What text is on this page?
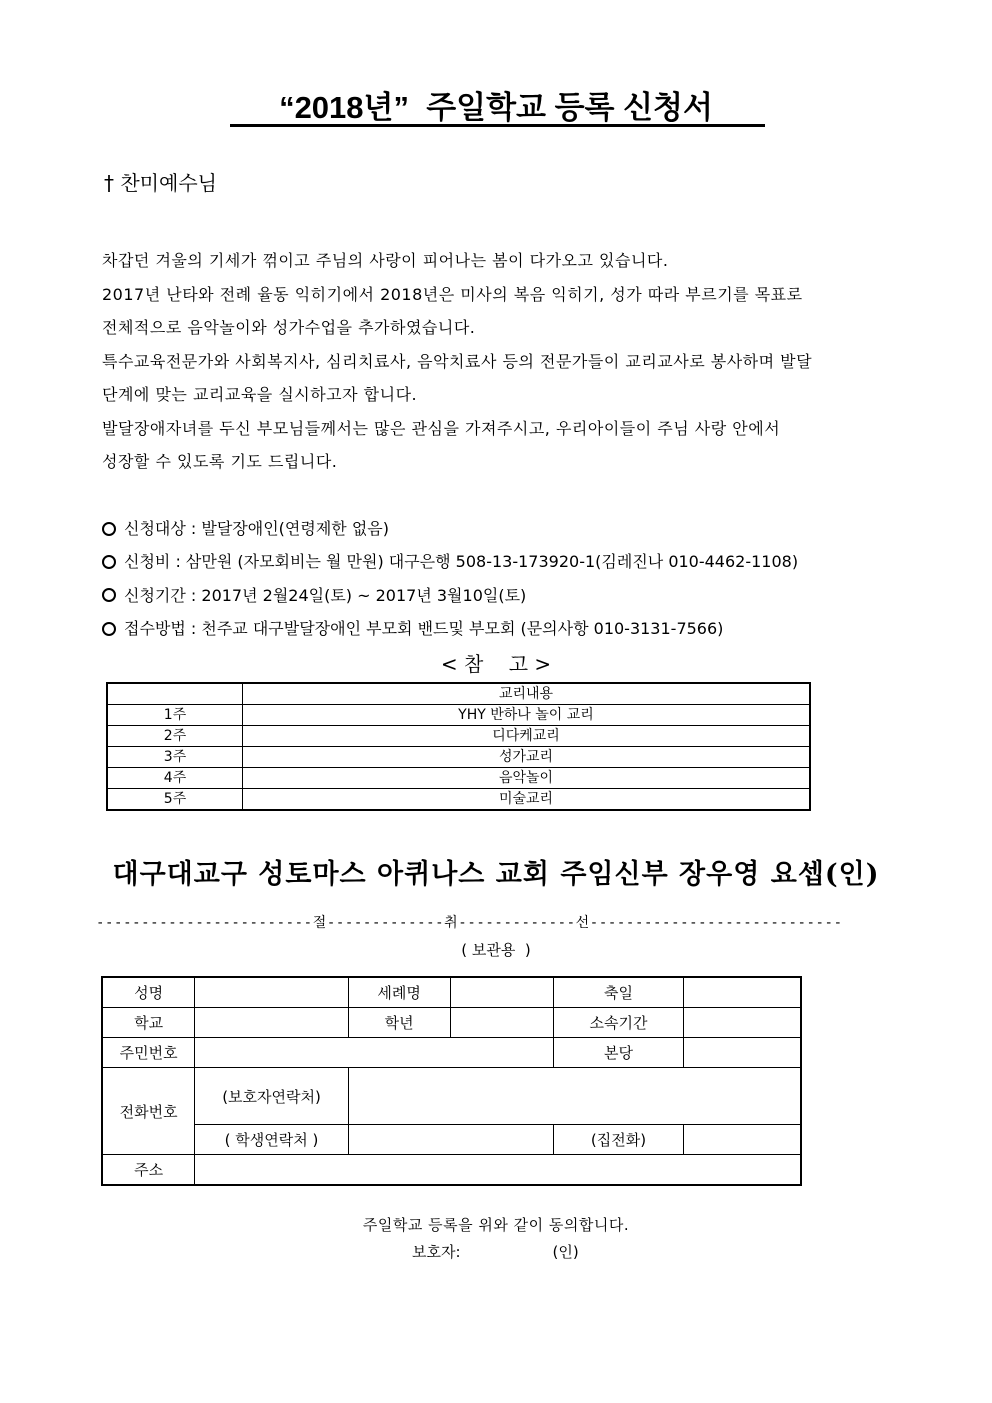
“2018년”  주일학교 등록 신청서
† 찬미예수님
차갑던 겨울의 기세가 꺾이고 주님의 사랑이 피어나는 봄이 다가오고 있습니다.
2017년 난타와 전례 율동 익히기에서 2018년은 미사의 복음 익히기, 성가 따라 부르기를 목표로
전체적으로 음악놀이와 성가수업을 추가하였습니다.
특수교육전문가와 사회복지사, 심리치료사, 음악치료사 등의 전문가들이 교리교사로 봉사하며 발달
단계에 맞는 교리교육을 실시하고자 합니다.
발달장애자녀를 두신 부모님들께서는 많은 관심을 가져주시고, 우리아이들이 주님 사랑 안에서
성장할 수 있도록 기도 드립니다.
신청대상 : 발달장애인(연령제한 없음)
신청비 : 삼만원 (자모회비는 월 만원) 대구은행 508-13-173920-1(김레진나 010-4462-1108)
신청기간 : 2017년 2월24일(토) ~ 2017년 3월10일(토)
접수방법 : 천주교 대구발달장애인 부모회 밴드및 부모회 (문의사항 010-3131-7566)
< 참    고 >
	교리내용
1주	YHY 반하나 놀이 교리
2주	디다케교리
3주	성가교리
4주	음악놀이
5주	미술교리
대구대교구 성토마스 아퀴나스 교회 주임신부 장우영 요셉(인)
------------------------절-------------취-------------선----------------------------
( 보관용  )
성명		세례명		축일	
학교		학년		소속기간	
주민번호				본당	
전화번호	(보호자연락처)				
	( 학생연락처 )			(집전화)	
주소					
주일학교 등록을 위와 같이 동의합니다.
보호자:	(인)
